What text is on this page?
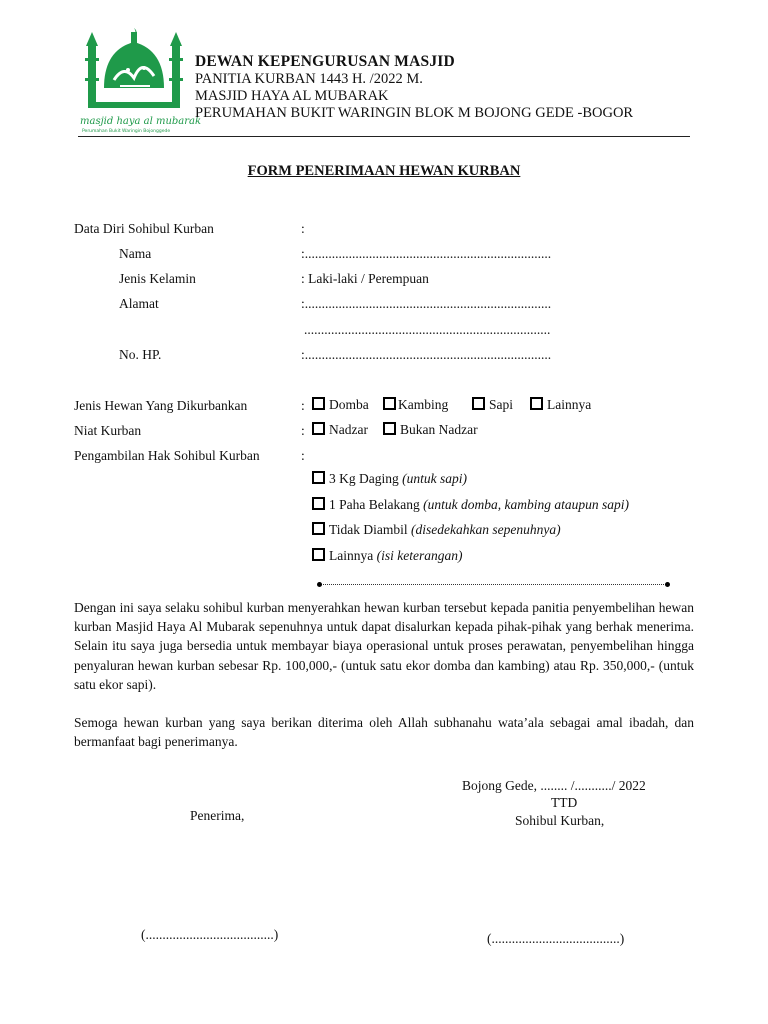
masjid haya al mubarak
Perumahan Bukit Waringin Bojonggede
DEWAN KEPENGURUSAN MASJID
PANITIA KURBAN 1443 H. /2022 M.
MASJID HAYA AL MUBARAK
PERUMAHAN BUKIT WARINGIN BLOK M BOJONG GEDE -BOGOR
FORM PENERIMAAN HEWAN KURBAN
Data Diri Sohibul Kurban	:
Nama	:.........................................................................
Jenis Kelamin	: Laki-laki / Perempuan
Alamat	:.........................................................................
.........................................................................
No. HP.	:.........................................................................
Jenis Hewan Yang Dikurbankan	:	Domba	Kambing	Sapi	Lainnya
Niat Kurban	:	Nadzar	Bukan Nadzar
Pengambilan Hak Sohibul Kurban	:
3 Kg Daging (untuk sapi)
1 Paha Belakang (untuk domba, kambing ataupun sapi)
Tidak Diambil (disedekahkan sepenuhnya)
Lainnya (isi keterangan)
Dengan ini saya selaku sohibul kurban menyerahkan hewan kurban tersebut kepada panitia penyembelihan hewan kurban Masjid Haya Al Mubarak sepenuhnya untuk dapat disalurkan kepada pihak-pihak yang berhak menerima. Selain itu saya juga bersedia untuk membayar biaya operasional untuk proses perawatan, penyembelihan hingga penyaluran hewan kurban sebesar Rp. 100,000,- (untuk satu ekor domba dan kambing) atau Rp. 350,000,- (untuk satu ekor sapi).
Semoga hewan kurban yang saya berikan diterima oleh Allah subhanahu wata’ala sebagai amal ibadah, dan bermanfaat bagi penerimanya.
Bojong Gede, ........ /.........../ 2022
TTD
Sohibul Kurban,
Penerima,
(......................................)	(......................................)
